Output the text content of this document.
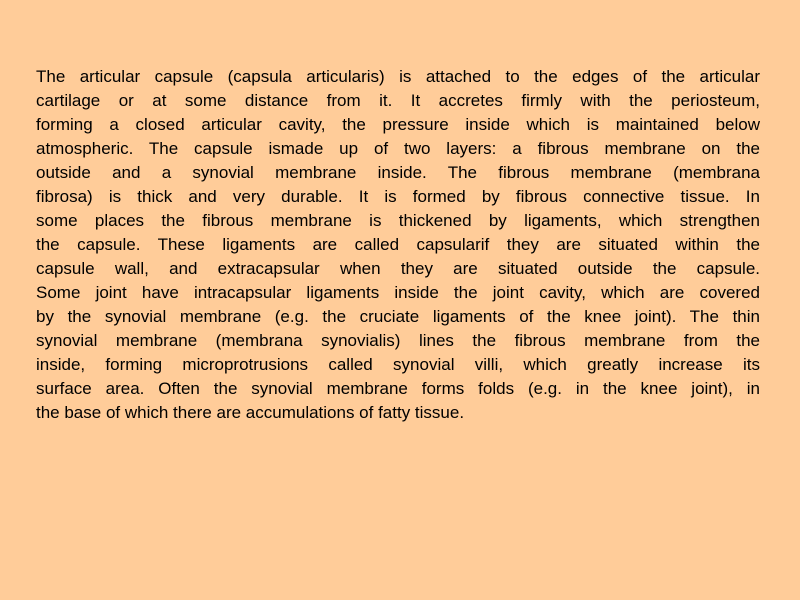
The articular capsule (capsula articularis) is attached to the edges of the articular
cartilage or at some distance from it. It accretes firmly with the periosteum,
forming a closed articular cavity, the pressure inside which is maintained below
atmospheric. The capsule ismade up of two layers: a fibrous membrane on the
outside and a synovial membrane inside. The fibrous membrane (membrana
fibrosa) is thick and very durable. It is formed by fibrous connective tissue. In
some places the fibrous membrane is thickened by ligaments, which strengthen
the capsule. These ligaments are called capsularif they are situated within the
capsule wall, and extracapsular when they are situated outside the capsule.
Some joint have intracapsular ligaments inside the joint cavity, which are covered
by the synovial membrane (e.g. the cruciate ligaments of the knee joint). The thin
synovial membrane (membrana synovialis) lines the fibrous membrane from the
inside, forming microprotrusions called synovial villi, which greatly increase its
surface area. Often the synovial membrane forms folds (e.g. in the knee joint), in
the base of which there are accumulations of fatty tissue.
